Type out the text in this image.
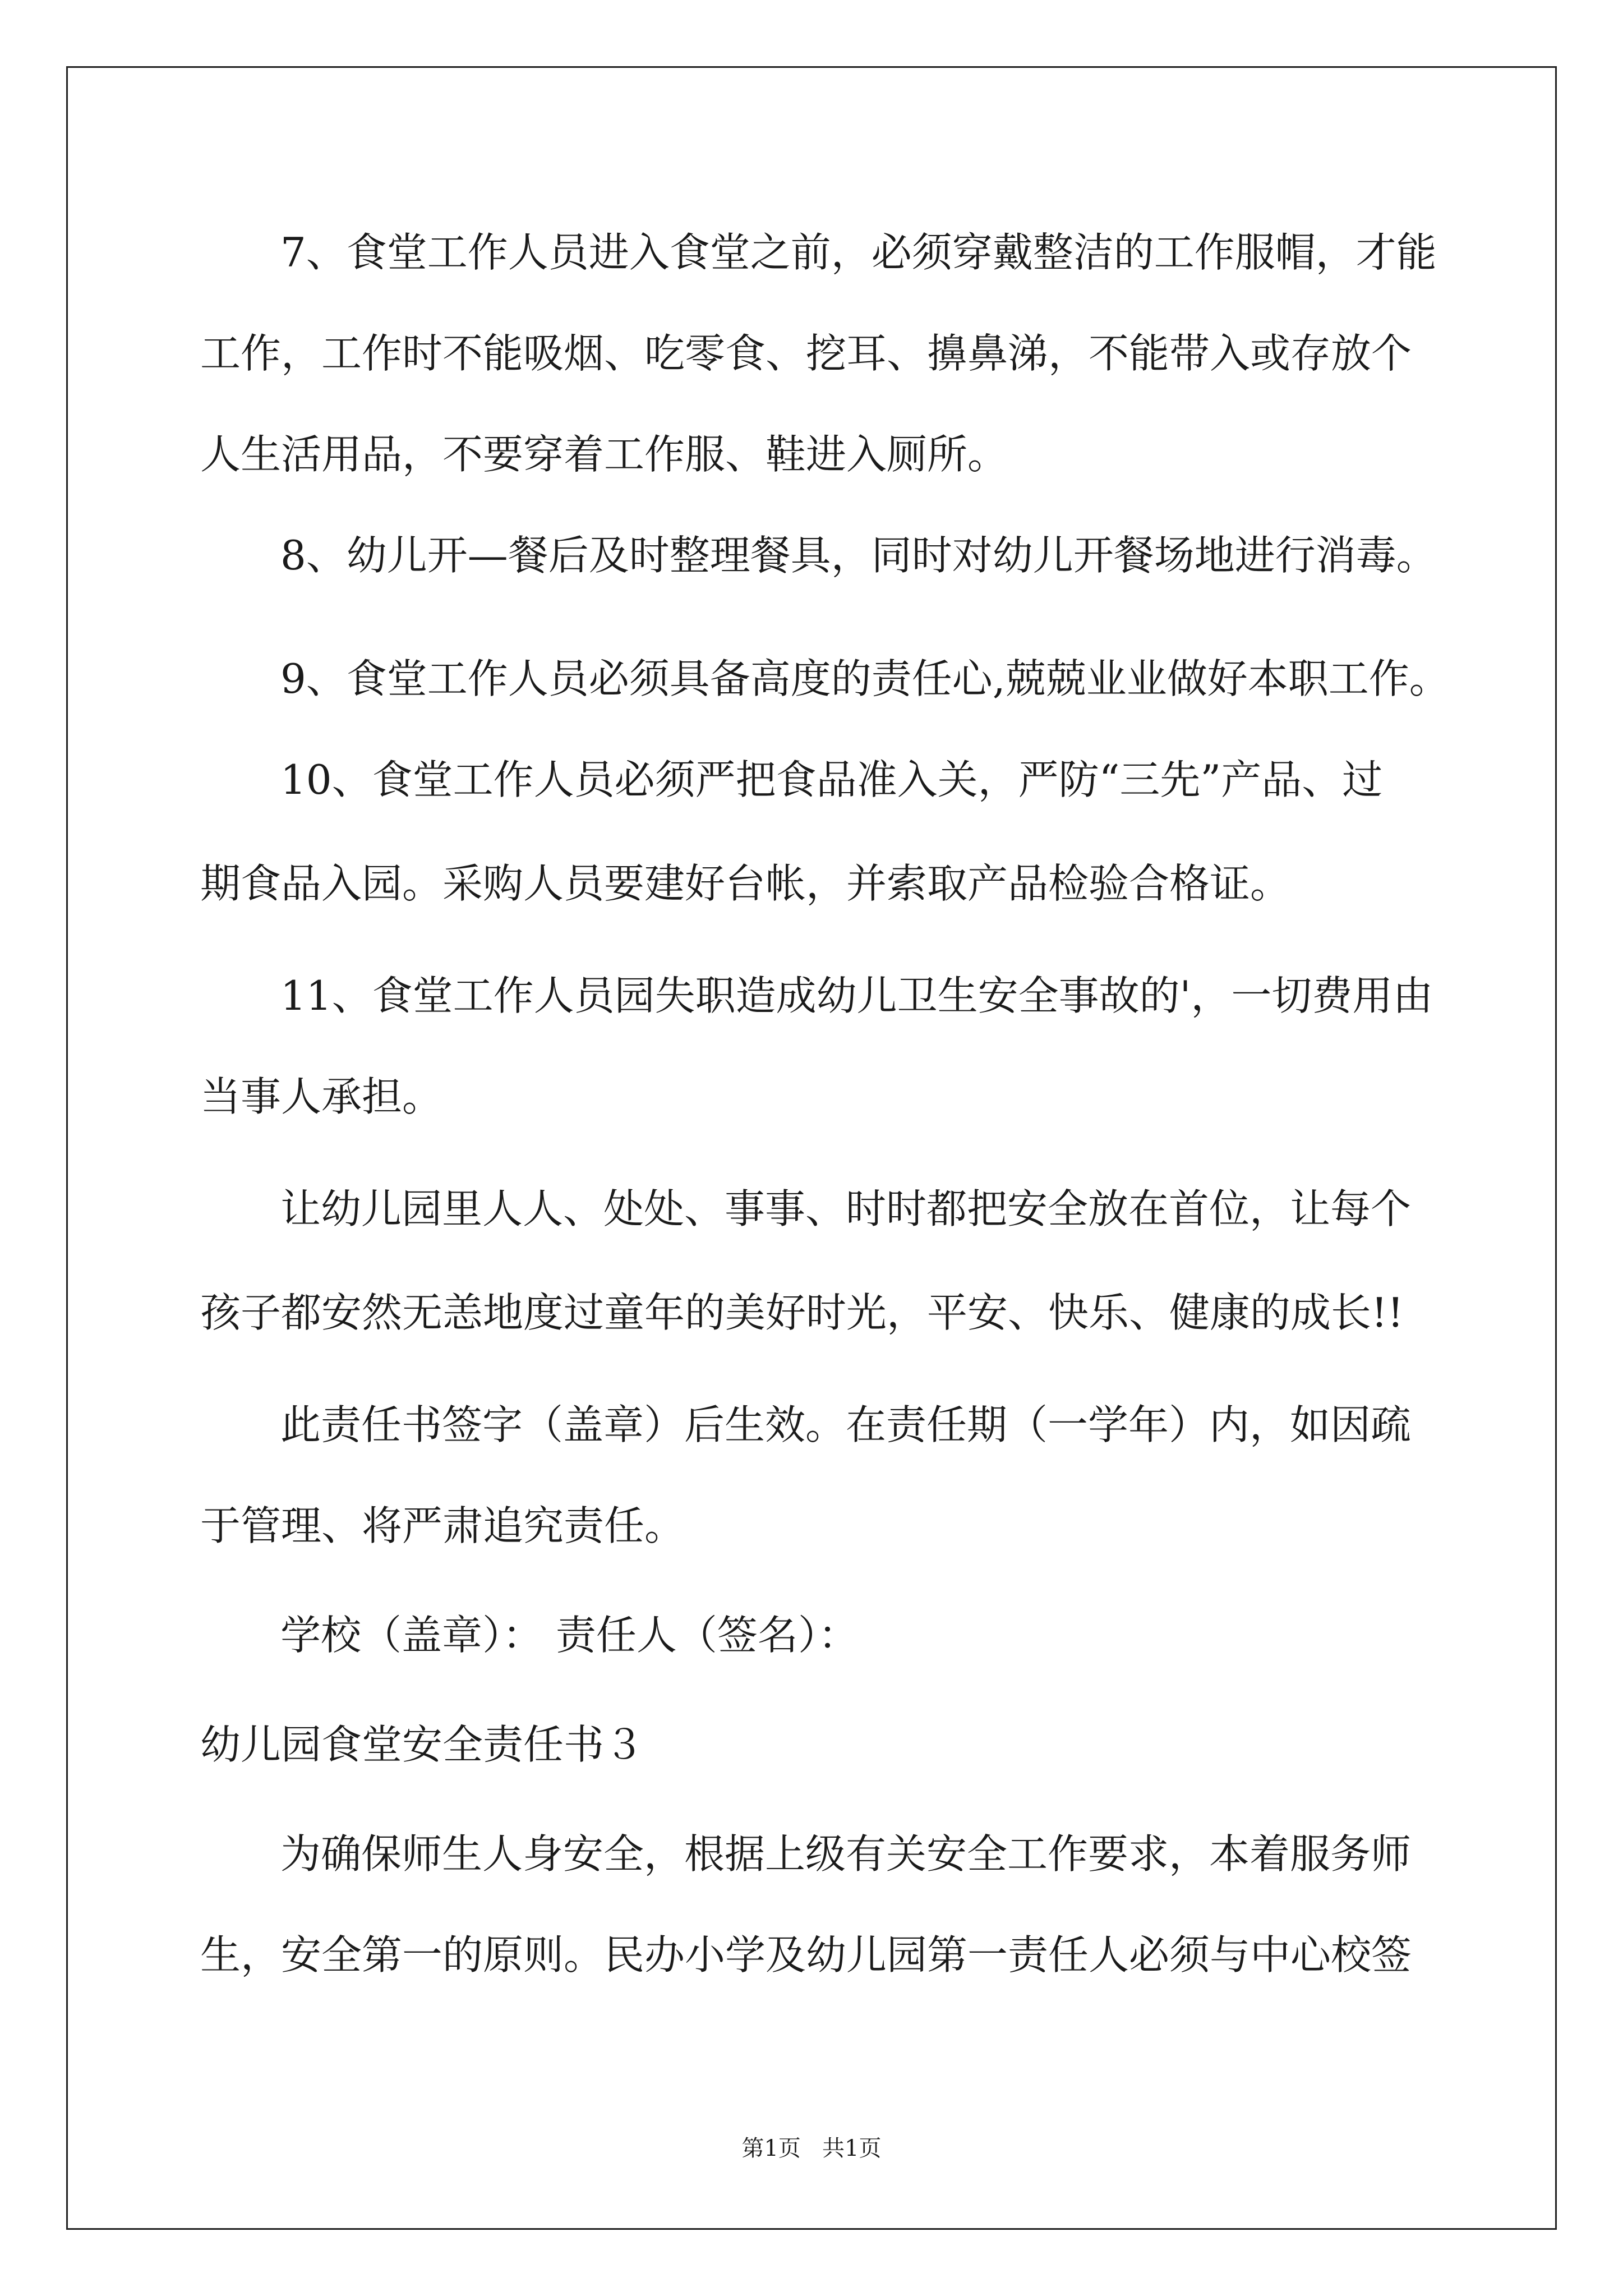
7、食堂工作人员进入食堂之前，必须穿戴整洁的工作服帽，才能

工作，工作时不能吸烟、吃零食、挖耳、擤鼻涕，不能带入或存放个

人生活用品，不要穿着工作服、鞋进入厕所。

8、幼儿开—餐后及时整理餐具，同时对幼儿开餐场地进行消毒。

9、食堂工作人员必须具备高度的责任心,兢兢业业做好本职工作。

10、食堂工作人员必须严把食品准入关，严防“三先”产品、过

期食品入园。采购人员要建好台帐，并索取产品检验合格证。

11、食堂工作人员园失职造成幼儿卫生安全事故的'，一切费用由

当事人承担。

让幼儿园里人人、处处、事事、时时都把安全放在首位，让每个

孩子都安然无恙地度过童年的美好时光，平安、快乐、健康的成长!!

此责任书签字（盖章）后生效。在责任期（一学年）内，如因疏

于管理、将严肃追究责任。

学校（盖章）： 责任人（签名）：

幼儿园食堂安全责任书３

为确保师生人身安全，根据上级有关安全工作要求，本着服务师

生，安全第一的原则。民办小学及幼儿园第一责任人必须与中心校签

第1页   共1页
